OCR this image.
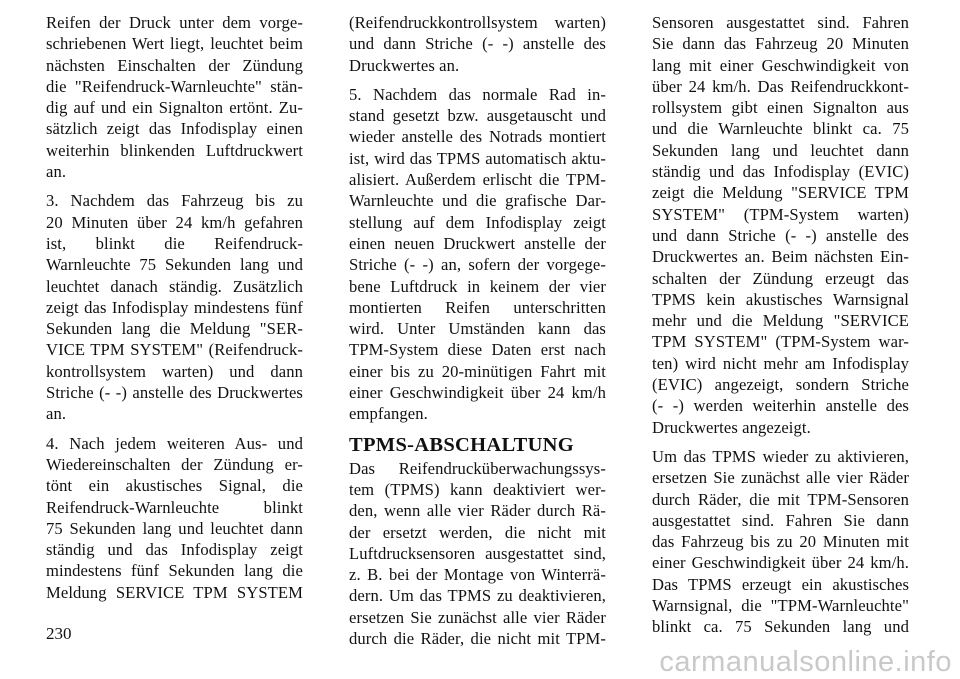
Reifen der Druck unter dem vorge-
schriebenen Wert liegt, leuchtet beim
nächsten Einschalten der Zündung
die "Reifendruck-Warnleuchte" stän-
dig auf und ein Signalton ertönt. Zu-
sätzlich zeigt das Infodisplay einen
weiterhin blinkenden Luftdruckwert
an.

3. Nachdem das Fahrzeug bis zu
20 Minuten über 24 km/h gefahren
ist, blinkt die Reifendruck-
Warnleuchte 75 Sekunden lang und
leuchtet danach ständig. Zusätzlich
zeigt das Infodisplay mindestens fünf
Sekunden lang die Meldung "SER-
VICE TPM SYSTEM" (Reifendruck-
kontrollsystem warten) und dann
Striche (- -) anstelle des Druckwertes
an.

4. Nach jedem weiteren Aus- und
Wiedereinschalten der Zündung er-
tönt ein akustisches Signal, die
Reifendruck-Warnleuchte blinkt
75 Sekunden lang und leuchtet dann
ständig und das Infodisplay zeigt
mindestens fünf Sekunden lang die
Meldung SERVICE TPM SYSTEM

(Reifendruckkontrollsystem warten)
und dann Striche (- -) anstelle des
Druckwertes an.

5. Nachdem das normale Rad in-
stand gesetzt bzw. ausgetauscht und
wieder anstelle des Notrads montiert
ist, wird das TPMS automatisch aktu-
alisiert. Außerdem erlischt die TPM-
Warnleuchte und die grafische Dar-
stellung auf dem Infodisplay zeigt
einen neuen Druckwert anstelle der
Striche (- -) an, sofern der vorgege-
bene Luftdruck in keinem der vier
montierten Reifen unterschritten
wird. Unter Umständen kann das
TPM-System diese Daten erst nach
einer bis zu 20-minütigen Fahrt mit
einer Geschwindigkeit über 24 km/h
empfangen.

TPMS-ABSCHALTUNG

Das Reifendrucküberwachungssys-
tem (TPMS) kann deaktiviert wer-
den, wenn alle vier Räder durch Rä-
der ersetzt werden, die nicht mit
Luftdrucksensoren ausgestattet sind,
z. B. bei der Montage von Winterrä-
dern. Um das TPMS zu deaktivieren,
ersetzen Sie zunächst alle vier Räder
durch die Räder, die nicht mit TPM-

Sensoren ausgestattet sind. Fahren
Sie dann das Fahrzeug 20 Minuten
lang mit einer Geschwindigkeit von
über 24 km/h. Das Reifendruckkont-
rollsystem gibt einen Signalton aus
und die Warnleuchte blinkt ca. 75
Sekunden lang und leuchtet dann
ständig und das Infodisplay (EVIC)
zeigt die Meldung "SERVICE TPM
SYSTEM" (TPM-System warten)
und dann Striche (- -) anstelle des
Druckwertes an. Beim nächsten Ein-
schalten der Zündung erzeugt das
TPMS kein akustisches Warnsignal
mehr und die Meldung "SERVICE
TPM SYSTEM" (TPM-System war-
ten) wird nicht mehr am Infodisplay
(EVIC) angezeigt, sondern Striche
(- -) werden weiterhin anstelle des
Druckwertes angezeigt.

Um das TPMS wieder zu aktivieren,
ersetzen Sie zunächst alle vier Räder
durch Räder, die mit TPM-Sensoren
ausgestattet sind. Fahren Sie dann
das Fahrzeug bis zu 20 Minuten mit
einer Geschwindigkeit über 24 km/h.
Das TPMS erzeugt ein akustisches
Warnsignal, die "TPM-Warnleuchte"
blinkt ca. 75 Sekunden lang und

230
carmanualsonline.info
